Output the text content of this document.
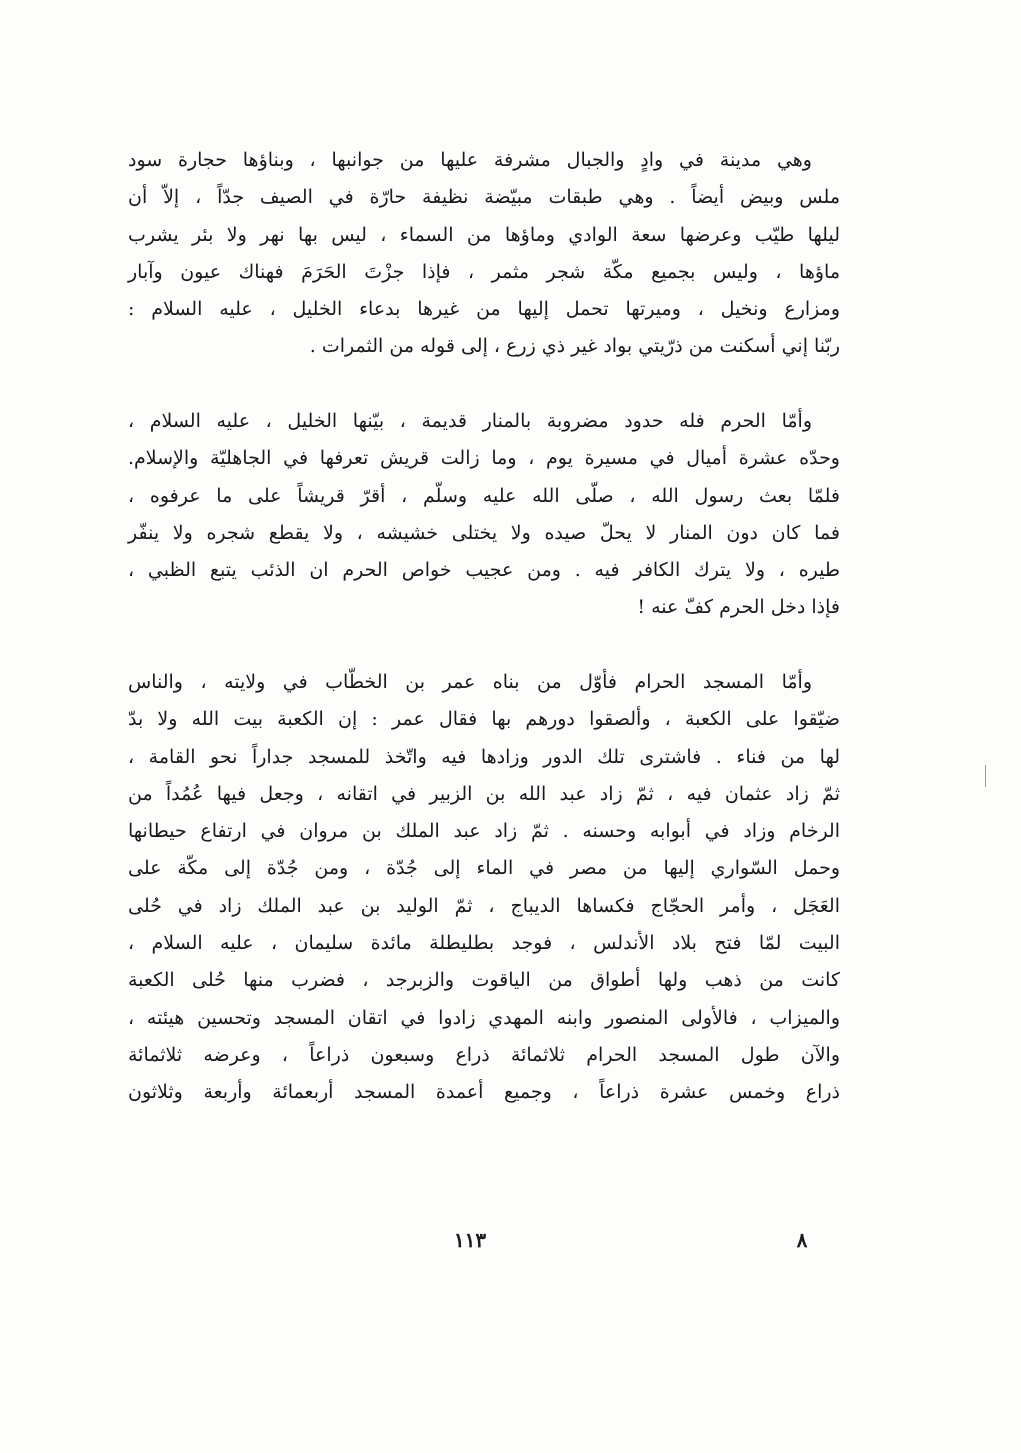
وهي مدينة في وادٍ والجبال مشرفة عليها من جوانبها ، وبناؤها حجارة سود
ملس وبيض أيضاً . وهي طبقات مبيّضة نظيفة حارّة في الصيف جدّاً ، إلاّ أن
ليلها طيّب وعرضها سعة الوادي وماؤها من السماء ، ليس بها نهر ولا بئر يشرب
ماؤها ، وليس بجميع مكّة شجر مثمر ، فإذا جزْتَ الحَرَمَ فهناك عيون وآبار
ومزارع ونخيل ، وميرتها تحمل إليها من غيرها بدعاء الخليل ، عليه السلام :
ربّنا إني أسكنت من ذرّيتي بواد غير ذي زرع ، إلى قوله من الثمرات .
وأمّا الحرم فله حدود مضروبة بالمنار قديمة ، بيّنها الخليل ، عليه السلام ،
وحدّه عشرة أميال في مسيرة يوم ، وما زالت قريش تعرفها في الجاهليّة والإسلام.
فلمّا بعث رسول الله ، صلّى الله عليه وسلّم ، أقرّ قريشاً على ما عرفوه ،
فما كان دون المنار لا يحلّ صيده ولا يختلى خشيشه ، ولا يقطع شجره ولا ينفّر
طيره ، ولا يترك الكافر فيه . ومن عجيب خواص الحرم ان الذئب يتبع الظبي ،
فإذا دخل الحرم كفّ عنه !
وأمّا المسجد الحرام فأوّل من بناه عمر بن الخطّاب في ولايته ، والناس
ضيّقوا على الكعبة ، وألصقوا دورهم بها فقال عمر : إن الكعبة بيت الله ولا بدّ
لها من فناء . فاشترى تلك الدور وزادها فيه واتّخذ للمسجد جداراً نحو القامة ،
ثمّ زاد عثمان فيه ، ثمّ زاد عبد الله بن الزبير في اتقانه ، وجعل فيها عُمُداً من
الرخام وزاد في أبوابه وحسنه . ثمّ زاد عبد الملك بن مروان في ارتفاع حيطانها
وحمل السّواري إليها من مصر في الماء إلى جُدّة ، ومن جُدّة إلى مكّة على
العَجَل ، وأمر الحجّاج فكساها الديباج ، ثمّ الوليد بن عبد الملك زاد في حُلى
البيت لمّا فتح بلاد الأندلس ، فوجد بطليطلة مائدة سليمان ، عليه السلام ،
كانت من ذهب ولها أطواق من الياقوت والزبرجد ، فضرب منها حُلى الكعبة
والميزاب ، فالأولى المنصور وابنه المهدي زادوا في اتقان المسجد وتحسين هيئته ،
والآن طول المسجد الحرام ثلاثمائة ذراع وسبعون ذراعاً ، وعرضه ثلاثمائة
ذراع وخمس عشرة ذراعاً ، وجميع أعمدة المسجد أربعمائة وأربعة وثلاثون
١١٣	٨
